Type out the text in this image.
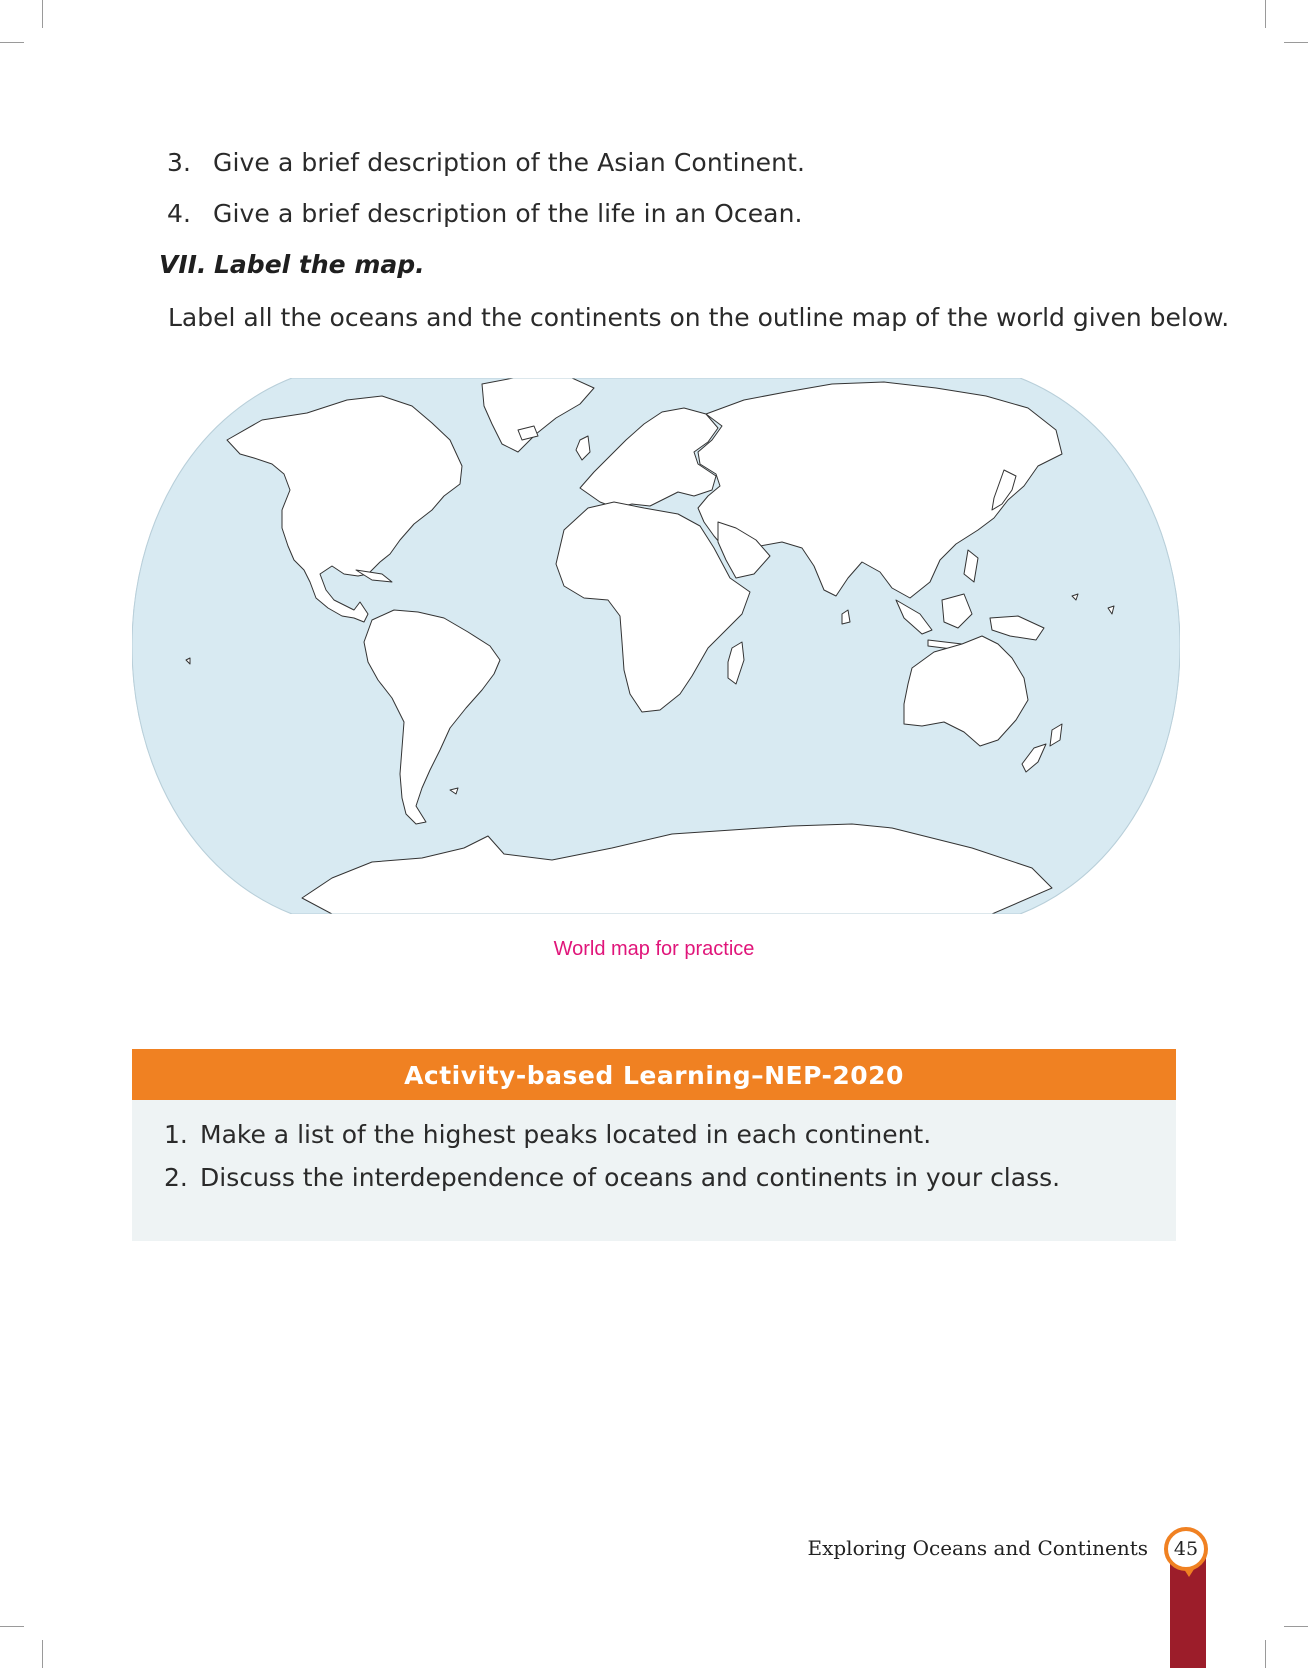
3. Give a brief description of the Asian Continent.
4. Give a brief description of the life in an Ocean.
VII. Label the map.
Label all the oceans and the continents on the outline map of the world given below.
World map for practice
Activity-based Learning–NEP-2020
1. Make a list of the highest peaks located in each continent.
2. Discuss the interdependence of oceans and continents in your class.
Exploring Oceans and Continents	45
